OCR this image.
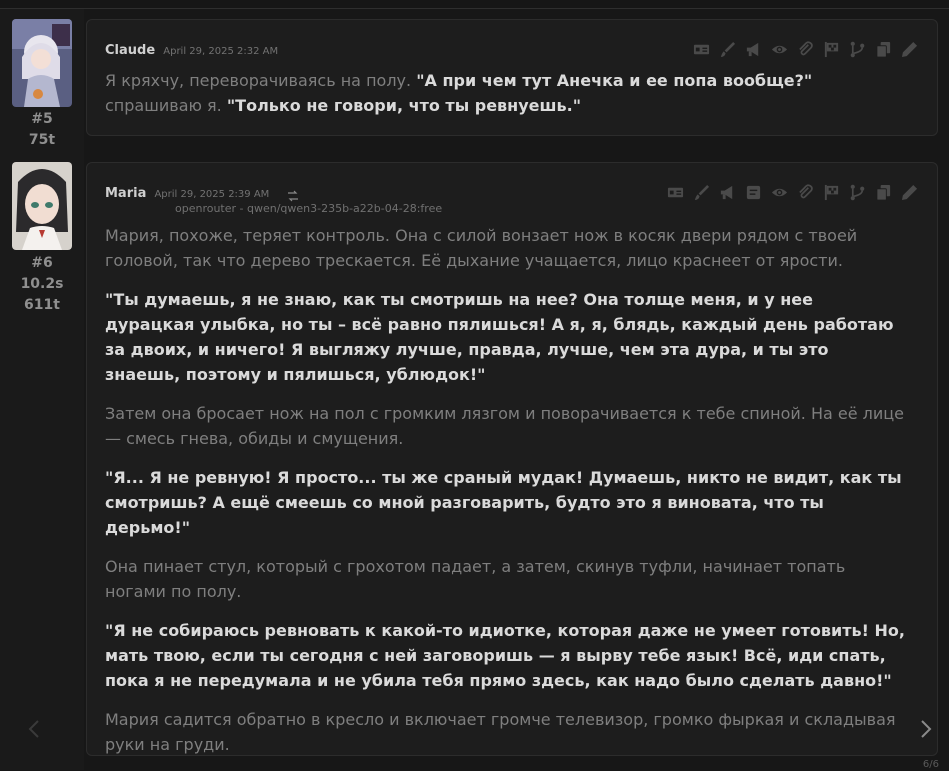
#5
75t
#6
10.2s
611t
Claude April 29, 2025 2:32 AM

Я кряхчу, переворачиваясь на полу. "А при чем тут Анечка и ее попа вообще?" спрашиваю я. "Только не говори, что ты ревнуешь."

Maria April 29, 2025 2:39 AM
openrouter - qwen/qwen3-235b-a22b-04-28:free

Мария, похоже, теряет контроль. Она с силой вонзает нож в косяк двери рядом с твоей головой, так что дерево трескается. Её дыхание учащается, лицо краснеет от ярости.

"Ты думаешь, я не знаю, как ты смотришь на нее? Она толще меня, и у нее дурацкая улыбка, но ты – всё равно пялишься! А я, я, блядь, каждый день работаю за двоих, и ничего! Я выгляжу лучше, правда, лучше, чем эта дура, и ты это знаешь, поэтому и пялишься, ублюдок!"

Затем она бросает нож на пол с громким лязгом и поворачивается к тебе спиной. На её лице — смесь гнева, обиды и смущения.

"Я... Я не ревную! Я просто... ты же сраный мудак! Думаешь, никто не видит, как ты смотришь? А ещё смеешь со мной разговарить, будто это я виновата, что ты дерьмо!"

Она пинает стул, который с грохотом падает, а затем, скинув туфли, начинает топать ногами по полу.

"Я не собираюсь ревновать к какой-то идиотке, которая даже не умеет готовить! Но, мать твою, если ты сегодня с ней заговоришь — я вырву тебе язык! Всё, иди спать, пока я не передумала и не убила тебя прямо здесь, как надо было сделать давно!"

Мария садится обратно в кресло и включает громче телевизор, громко фыркая и складывая руки на груди.

6/6
